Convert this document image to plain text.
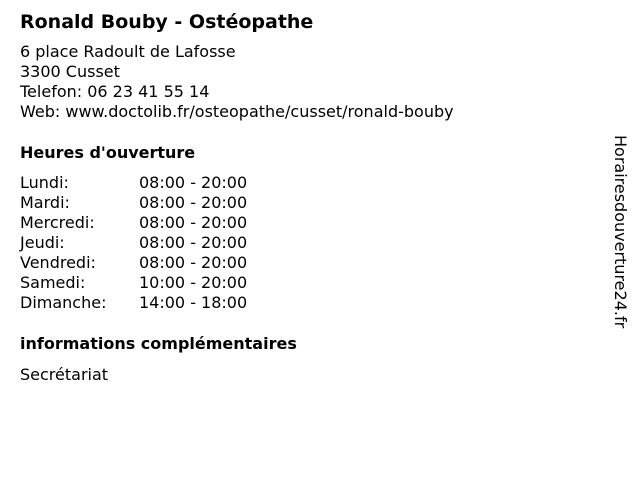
Ronald Bouby - Ostéopathe
6 place Radoult de Lafosse
3300 Cusset
Telefon: 06 23 41 55 14
Web: www.doctolib.fr/osteopathe/cusset/ronald-bouby
Heures d'ouverture
Lundi:	08:00 - 20:00
Mardi:	08:00 - 20:00
Mercredi:	08:00 - 20:00
Jeudi:	08:00 - 20:00
Vendredi:	08:00 - 20:00
Samedi:	10:00 - 20:00
Dimanche:	14:00 - 18:00
informations complémentaires
Secrétariat
Horairesdouverture24.fr
